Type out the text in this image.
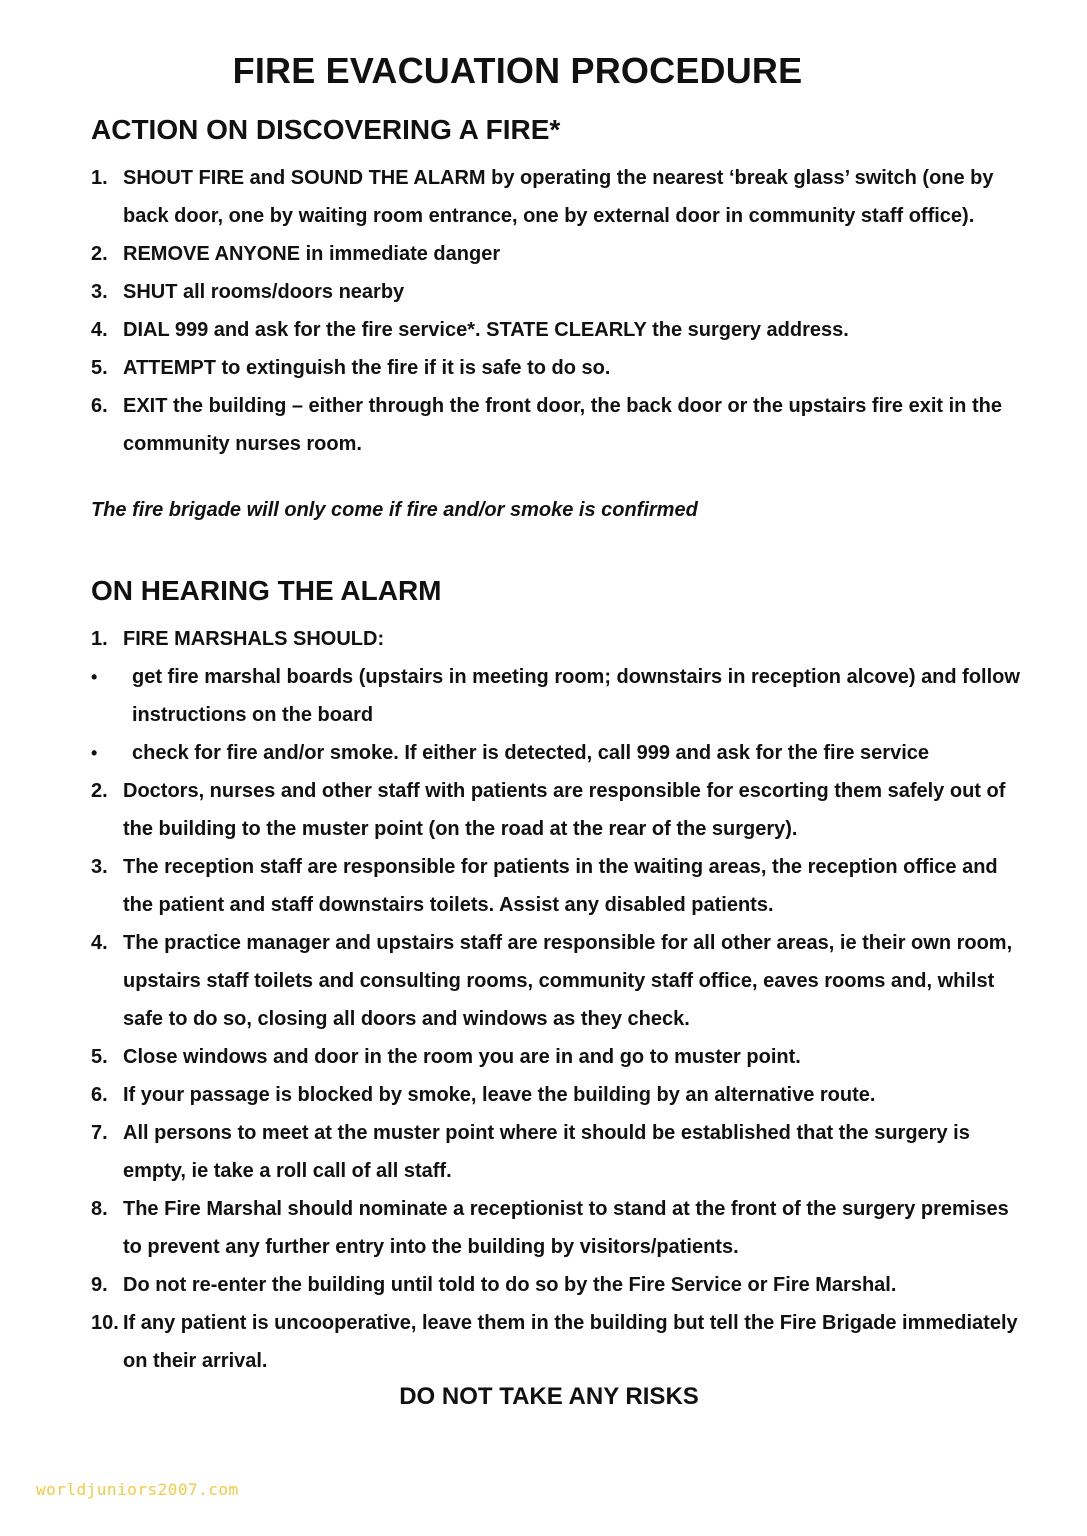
FIRE EVACUATION PROCEDURE
ACTION ON DISCOVERING A FIRE*
1. SHOUT FIRE and SOUND THE ALARM by operating the nearest ‘break glass’ switch (one by back door, one by waiting room entrance, one by external door in community staff office).
2. REMOVE ANYONE in immediate danger
3. SHUT all rooms/doors nearby
4. DIAL 999 and ask for the fire service*. STATE CLEARLY the surgery address.
5. ATTEMPT to extinguish the fire if it is safe to do so.
6. EXIT the building – either through the front door, the back door or the upstairs fire exit in the community nurses room.

The fire brigade will only come if fire and/or smoke is confirmed

ON HEARING THE ALARM
1. FIRE MARSHALS SHOULD:
• get fire marshal boards (upstairs in meeting room; downstairs in reception alcove) and follow instructions on the board
• check for fire and/or smoke. If either is detected, call 999 and ask for the fire service
2. Doctors, nurses and other staff with patients are responsible for escorting them safely out of the building to the muster point (on the road at the rear of the surgery).
3. The reception staff are responsible for patients in the waiting areas, the reception office and the patient and staff downstairs toilets. Assist any disabled patients.
4. The practice manager and upstairs staff are responsible for all other areas, ie their own room, upstairs staff toilets and consulting rooms, community staff office, eaves rooms and, whilst safe to do so, closing all doors and windows as they check.
5. Close windows and door in the room you are in and go to muster point.
6. If your passage is blocked by smoke, leave the building by an alternative route.
7. All persons to meet at the muster point where it should be established that the surgery is empty, ie take a roll call of all staff.
8. The Fire Marshal should nominate a receptionist to stand at the front of the surgery premises to prevent any further entry into the building by visitors/patients.
9. Do not re-enter the building until told to do so by the Fire Service or Fire Marshal.
10. If any patient is uncooperative, leave them in the building but tell the Fire Brigade immediately on their arrival.

DO NOT TAKE ANY RISKS

worldjuniors2007.com
